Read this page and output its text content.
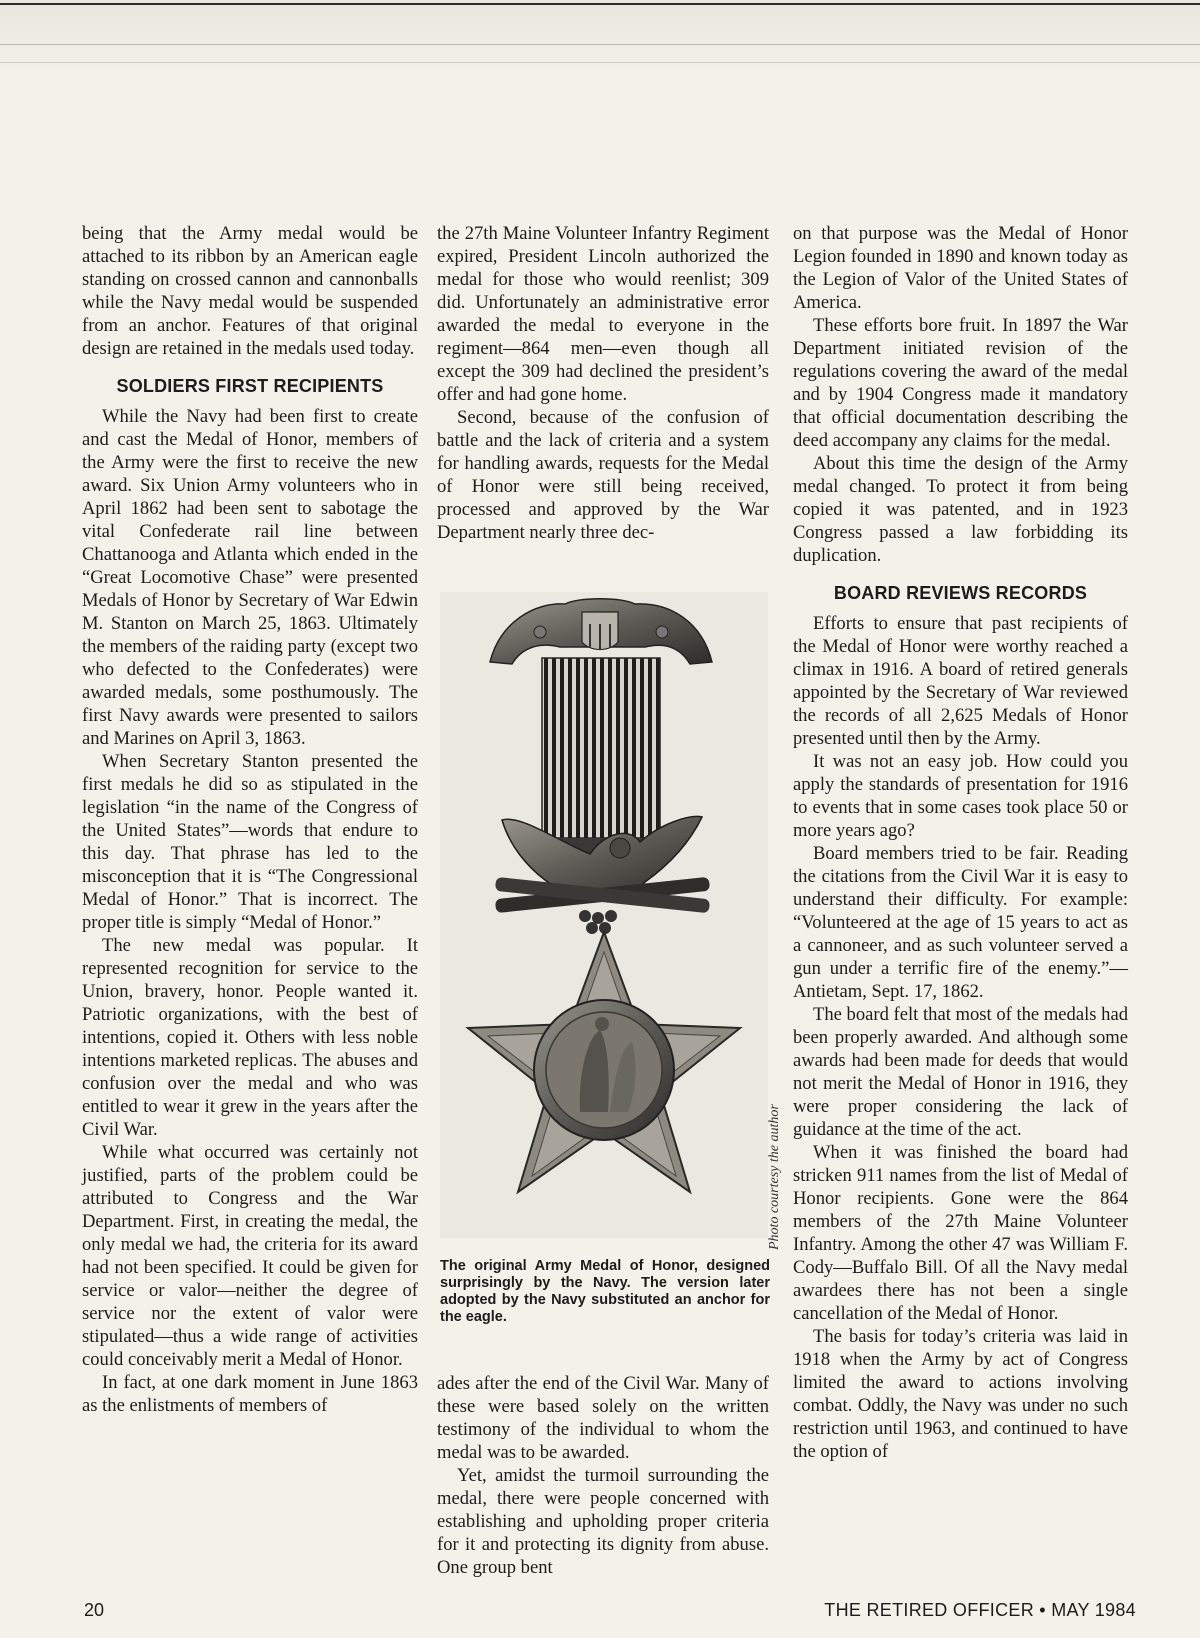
being that the Army medal would be attached to its ribbon by an American eagle standing on crossed cannon and cannonballs while the Navy medal would be suspended from an anchor. Features of that original design are retained in the medals used today.

SOLDIERS FIRST RECIPIENTS

While the Navy had been first to create and cast the Medal of Honor, members of the Army were the first to receive the new award. Six Union Army volunteers who in April 1862 had been sent to sabotage the vital Confederate rail line between Chattanooga and Atlanta which ended in the “Great Locomotive Chase” were presented Medals of Honor by Secretary of War Edwin M. Stanton on March 25, 1863. Ultimately the members of the raiding party (except two who defected to the Confederates) were awarded medals, some posthumously. The first Navy awards were presented to sailors and Marines on April 3, 1863.

When Secretary Stanton presented the first medals he did so as stipulated in the legislation “in the name of the Congress of the United States”—words that endure to this day. That phrase has led to the misconception that it is “The Congressional Medal of Honor.” That is incorrect. The proper title is simply “Medal of Honor.”

The new medal was popular. It represented recognition for service to the Union, bravery, honor. People wanted it. Patriotic organizations, with the best of intentions, copied it. Others with less noble intentions marketed replicas. The abuses and confusion over the medal and who was entitled to wear it grew in the years after the Civil War.

While what occurred was certainly not justified, parts of the problem could be attributed to Congress and the War Department. First, in creating the medal, the only medal we had, the criteria for its award had not been specified. It could be given for service or valor—neither the degree of service nor the extent of valor were stipulated—thus a wide range of activities could conceivably merit a Medal of Honor.

In fact, at one dark moment in June 1863 as the enlistments of members of

the 27th Maine Volunteer Infantry Regiment expired, President Lincoln authorized the medal for those who would reenlist; 309 did. Unfortunately an administrative error awarded the medal to everyone in the regiment—864 men—even though all except the 309 had declined the president’s offer and had gone home.

Second, because of the confusion of battle and the lack of criteria and a system for handling awards, requests for the Medal of Honor were still being received, processed and approved by the War Department nearly three dec-

Photo courtesy the author

The original Army Medal of Honor, designed surprisingly by the Navy. The version later adopted by the Navy substituted an anchor for the eagle.

ades after the end of the Civil War. Many of these were based solely on the written testimony of the individual to whom the medal was to be awarded.

Yet, amidst the turmoil surrounding the medal, there were people concerned with establishing and upholding proper criteria for it and protecting its dignity from abuse. One group bent

on that purpose was the Medal of Honor Legion founded in 1890 and known today as the Legion of Valor of the United States of America.

These efforts bore fruit. In 1897 the War Department initiated revision of the regulations covering the award of the medal and by 1904 Congress made it mandatory that official documentation describing the deed accompany any claims for the medal.

About this time the design of the Army medal changed. To protect it from being copied it was patented, and in 1923 Congress passed a law forbidding its duplication.

BOARD REVIEWS RECORDS

Efforts to ensure that past recipients of the Medal of Honor were worthy reached a climax in 1916. A board of retired generals appointed by the Secretary of War reviewed the records of all 2,625 Medals of Honor presented until then by the Army.

It was not an easy job. How could you apply the standards of presentation for 1916 to events that in some cases took place 50 or more years ago?

Board members tried to be fair. Reading the citations from the Civil War it is easy to understand their difficulty. For example: “Volunteered at the age of 15 years to act as a cannoneer, and as such volunteer served a gun under a terrific fire of the enemy.”—Antietam, Sept. 17, 1862.

The board felt that most of the medals had been properly awarded. And although some awards had been made for deeds that would not merit the Medal of Honor in 1916, they were proper considering the lack of guidance at the time of the act.

When it was finished the board had stricken 911 names from the list of Medal of Honor recipients. Gone were the 864 members of the 27th Maine Volunteer Infantry. Among the other 47 was William F. Cody—Buffalo Bill. Of all the Navy medal awardees there has not been a single cancellation of the Medal of Honor.

The basis for today’s criteria was laid in 1918 when the Army by act of Congress limited the award to actions involving combat. Oddly, the Navy was under no such restriction until 1963, and continued to have the option of

20	THE RETIRED OFFICER • MAY 1984
